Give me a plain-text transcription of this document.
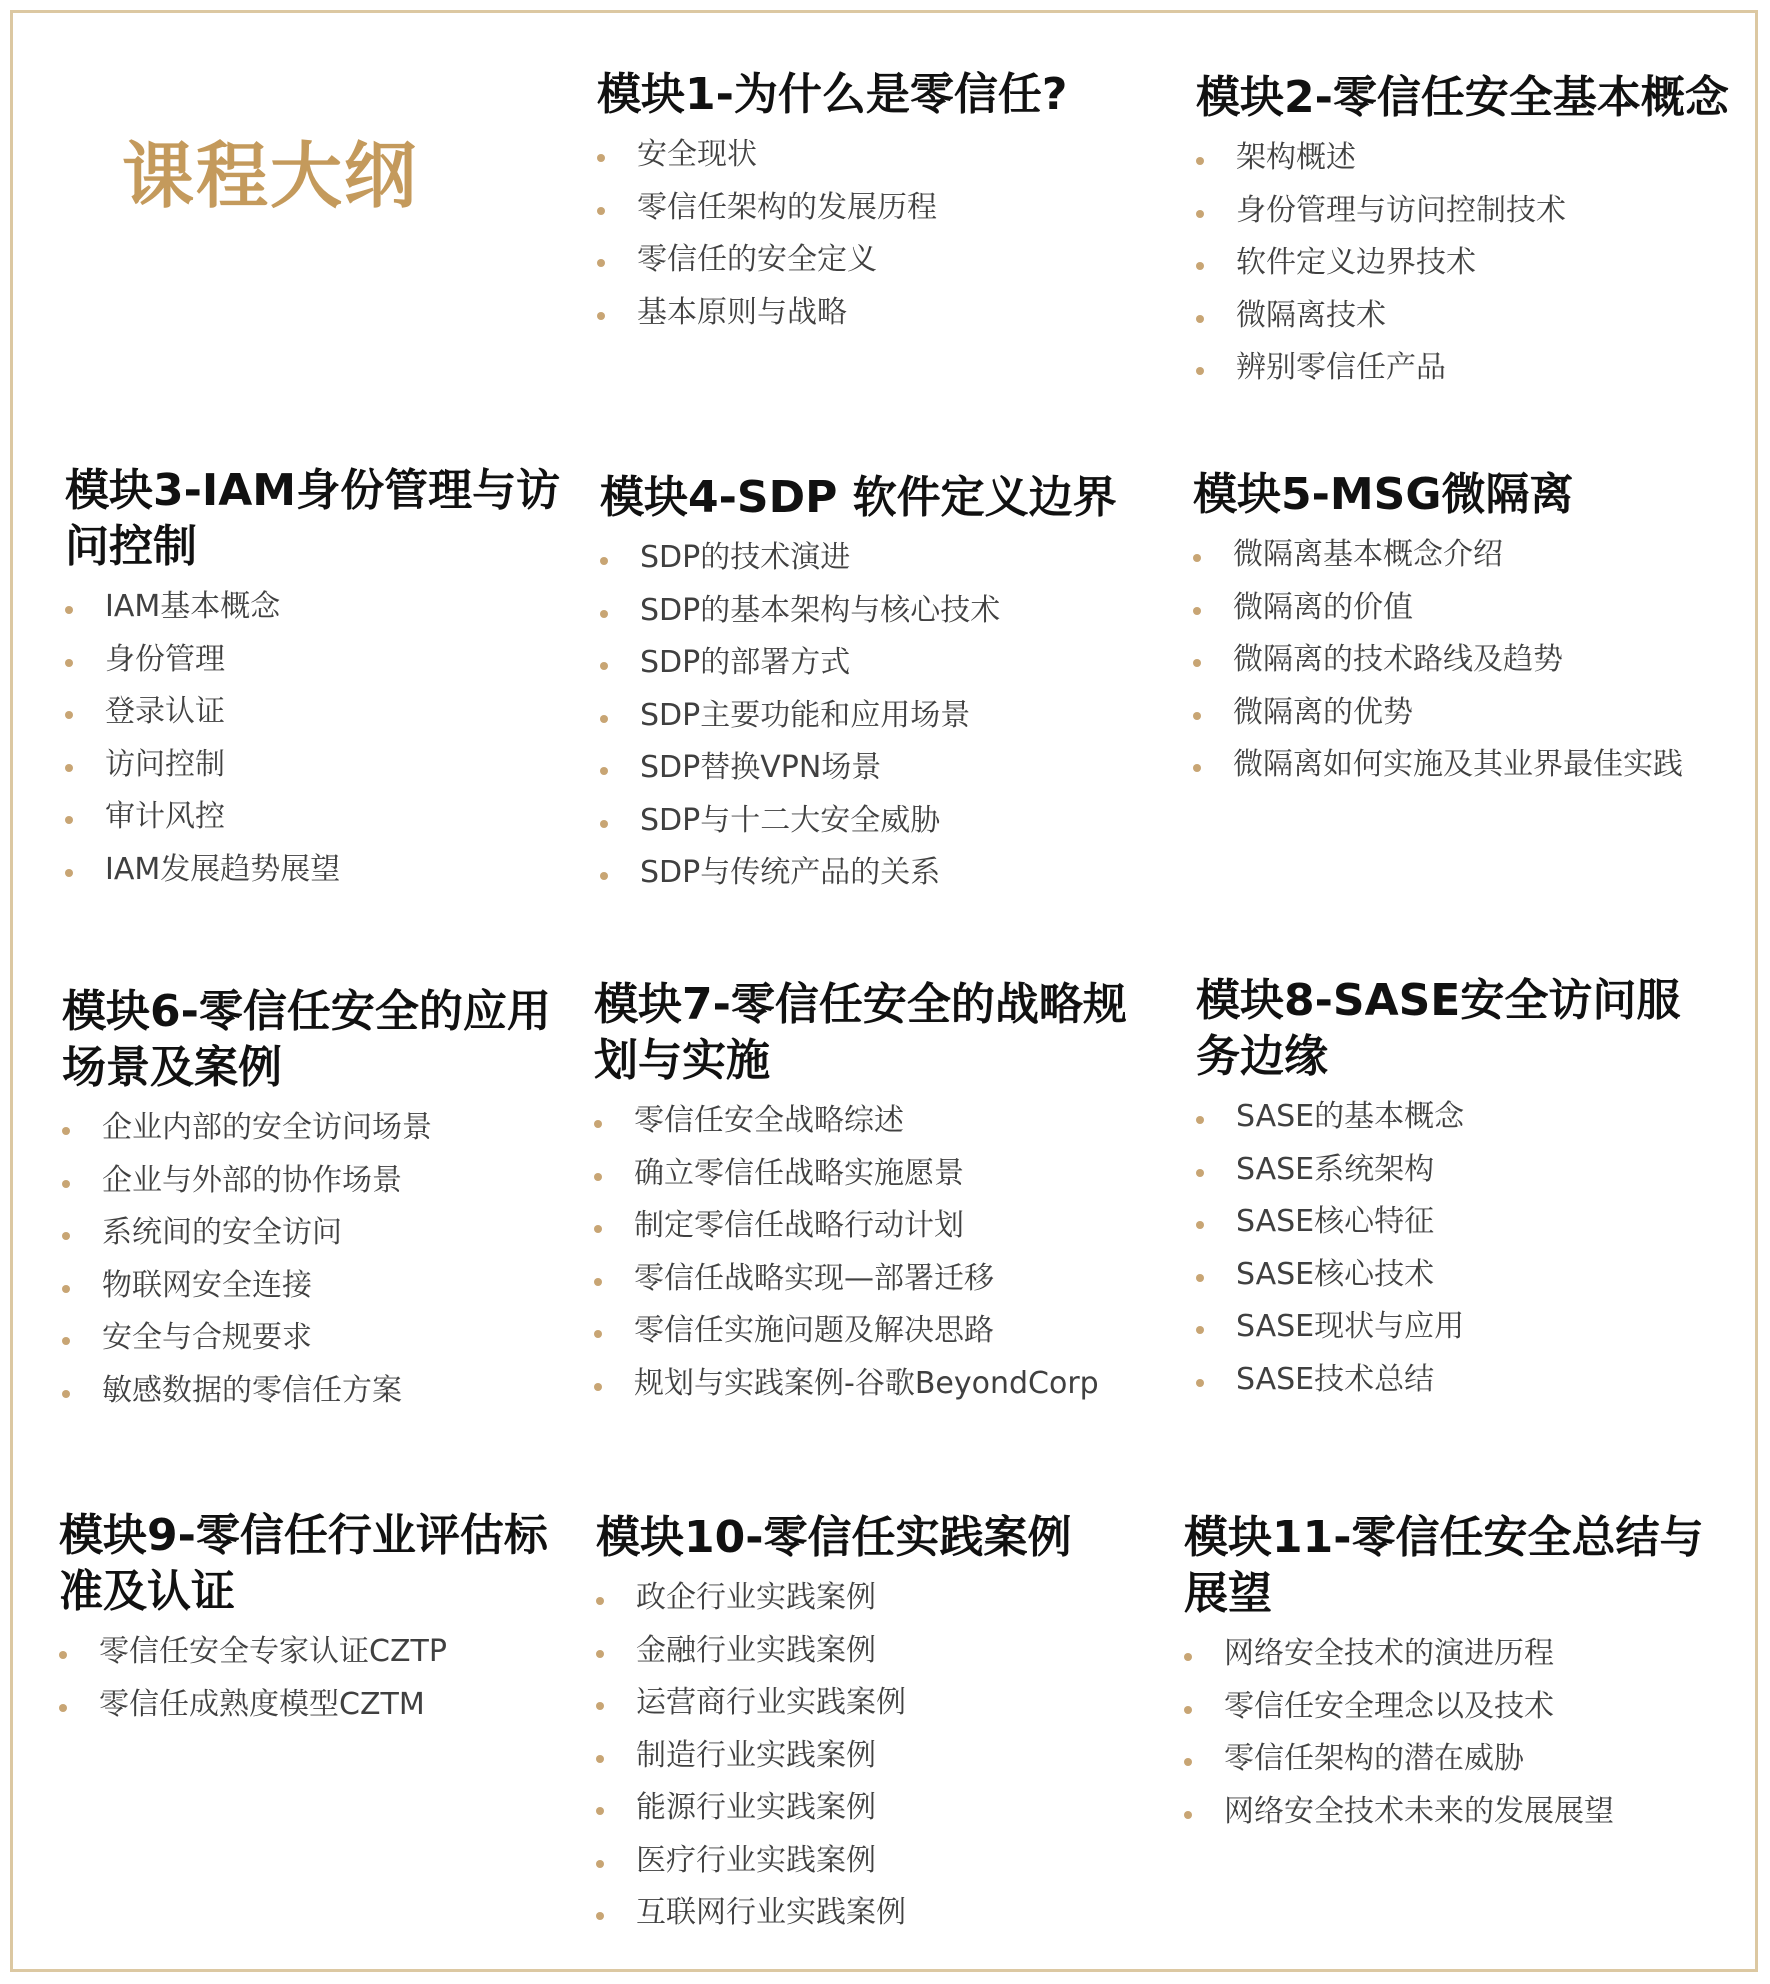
课程大纲
模块1-为什么是零信任?
安全现状
零信任架构的发展历程
零信任的安全定义
基本原则与战略
模块2-零信任安全基本概念
架构概述
身份管理与访问控制技术
软件定义边界技术
微隔离技术
辨别零信任产品
模块3-IAM身份管理与访问控制
IAM基本概念
身份管理
登录认证
访问控制
审计风控
IAM发展趋势展望
模块4-SDP 软件定义边界
SDP的技术演进
SDP的基本架构与核心技术
SDP的部署方式
SDP主要功能和应用场景
SDP替换VPN场景
SDP与十二大安全威胁
SDP与传统产品的关系
模块5-MSG微隔离
微隔离基本概念介绍
微隔离的价值
微隔离的技术路线及趋势
微隔离的优势
微隔离如何实施及其业界最佳实践
模块6-零信任安全的应用场景及案例
企业内部的安全访问场景
企业与外部的协作场景
系统间的安全访问
物联网安全连接
安全与合规要求
敏感数据的零信任方案
模块7-零信任安全的战略规划与实施
零信任安全战略综述
确立零信任战略实施愿景
制定零信任战略行动计划
零信任战略实现—部署迁移
零信任实施问题及解决思路
规划与实践案例-谷歌BeyondCorp
模块8-SASE安全访问服务边缘
SASE的基本概念
SASE系统架构
SASE核心特征
SASE核心技术
SASE现状与应用
SASE技术总结
模块9-零信任行业评估标准及认证
零信任安全专家认证CZTP
零信任成熟度模型CZTM
模块10-零信任实践案例
政企行业实践案例
金融行业实践案例
运营商行业实践案例
制造行业实践案例
能源行业实践案例
医疗行业实践案例
互联网行业实践案例
模块11-零信任安全总结与展望
网络安全技术的演进历程
零信任安全理念以及技术
零信任架构的潜在威胁
网络安全技术未来的发展展望
